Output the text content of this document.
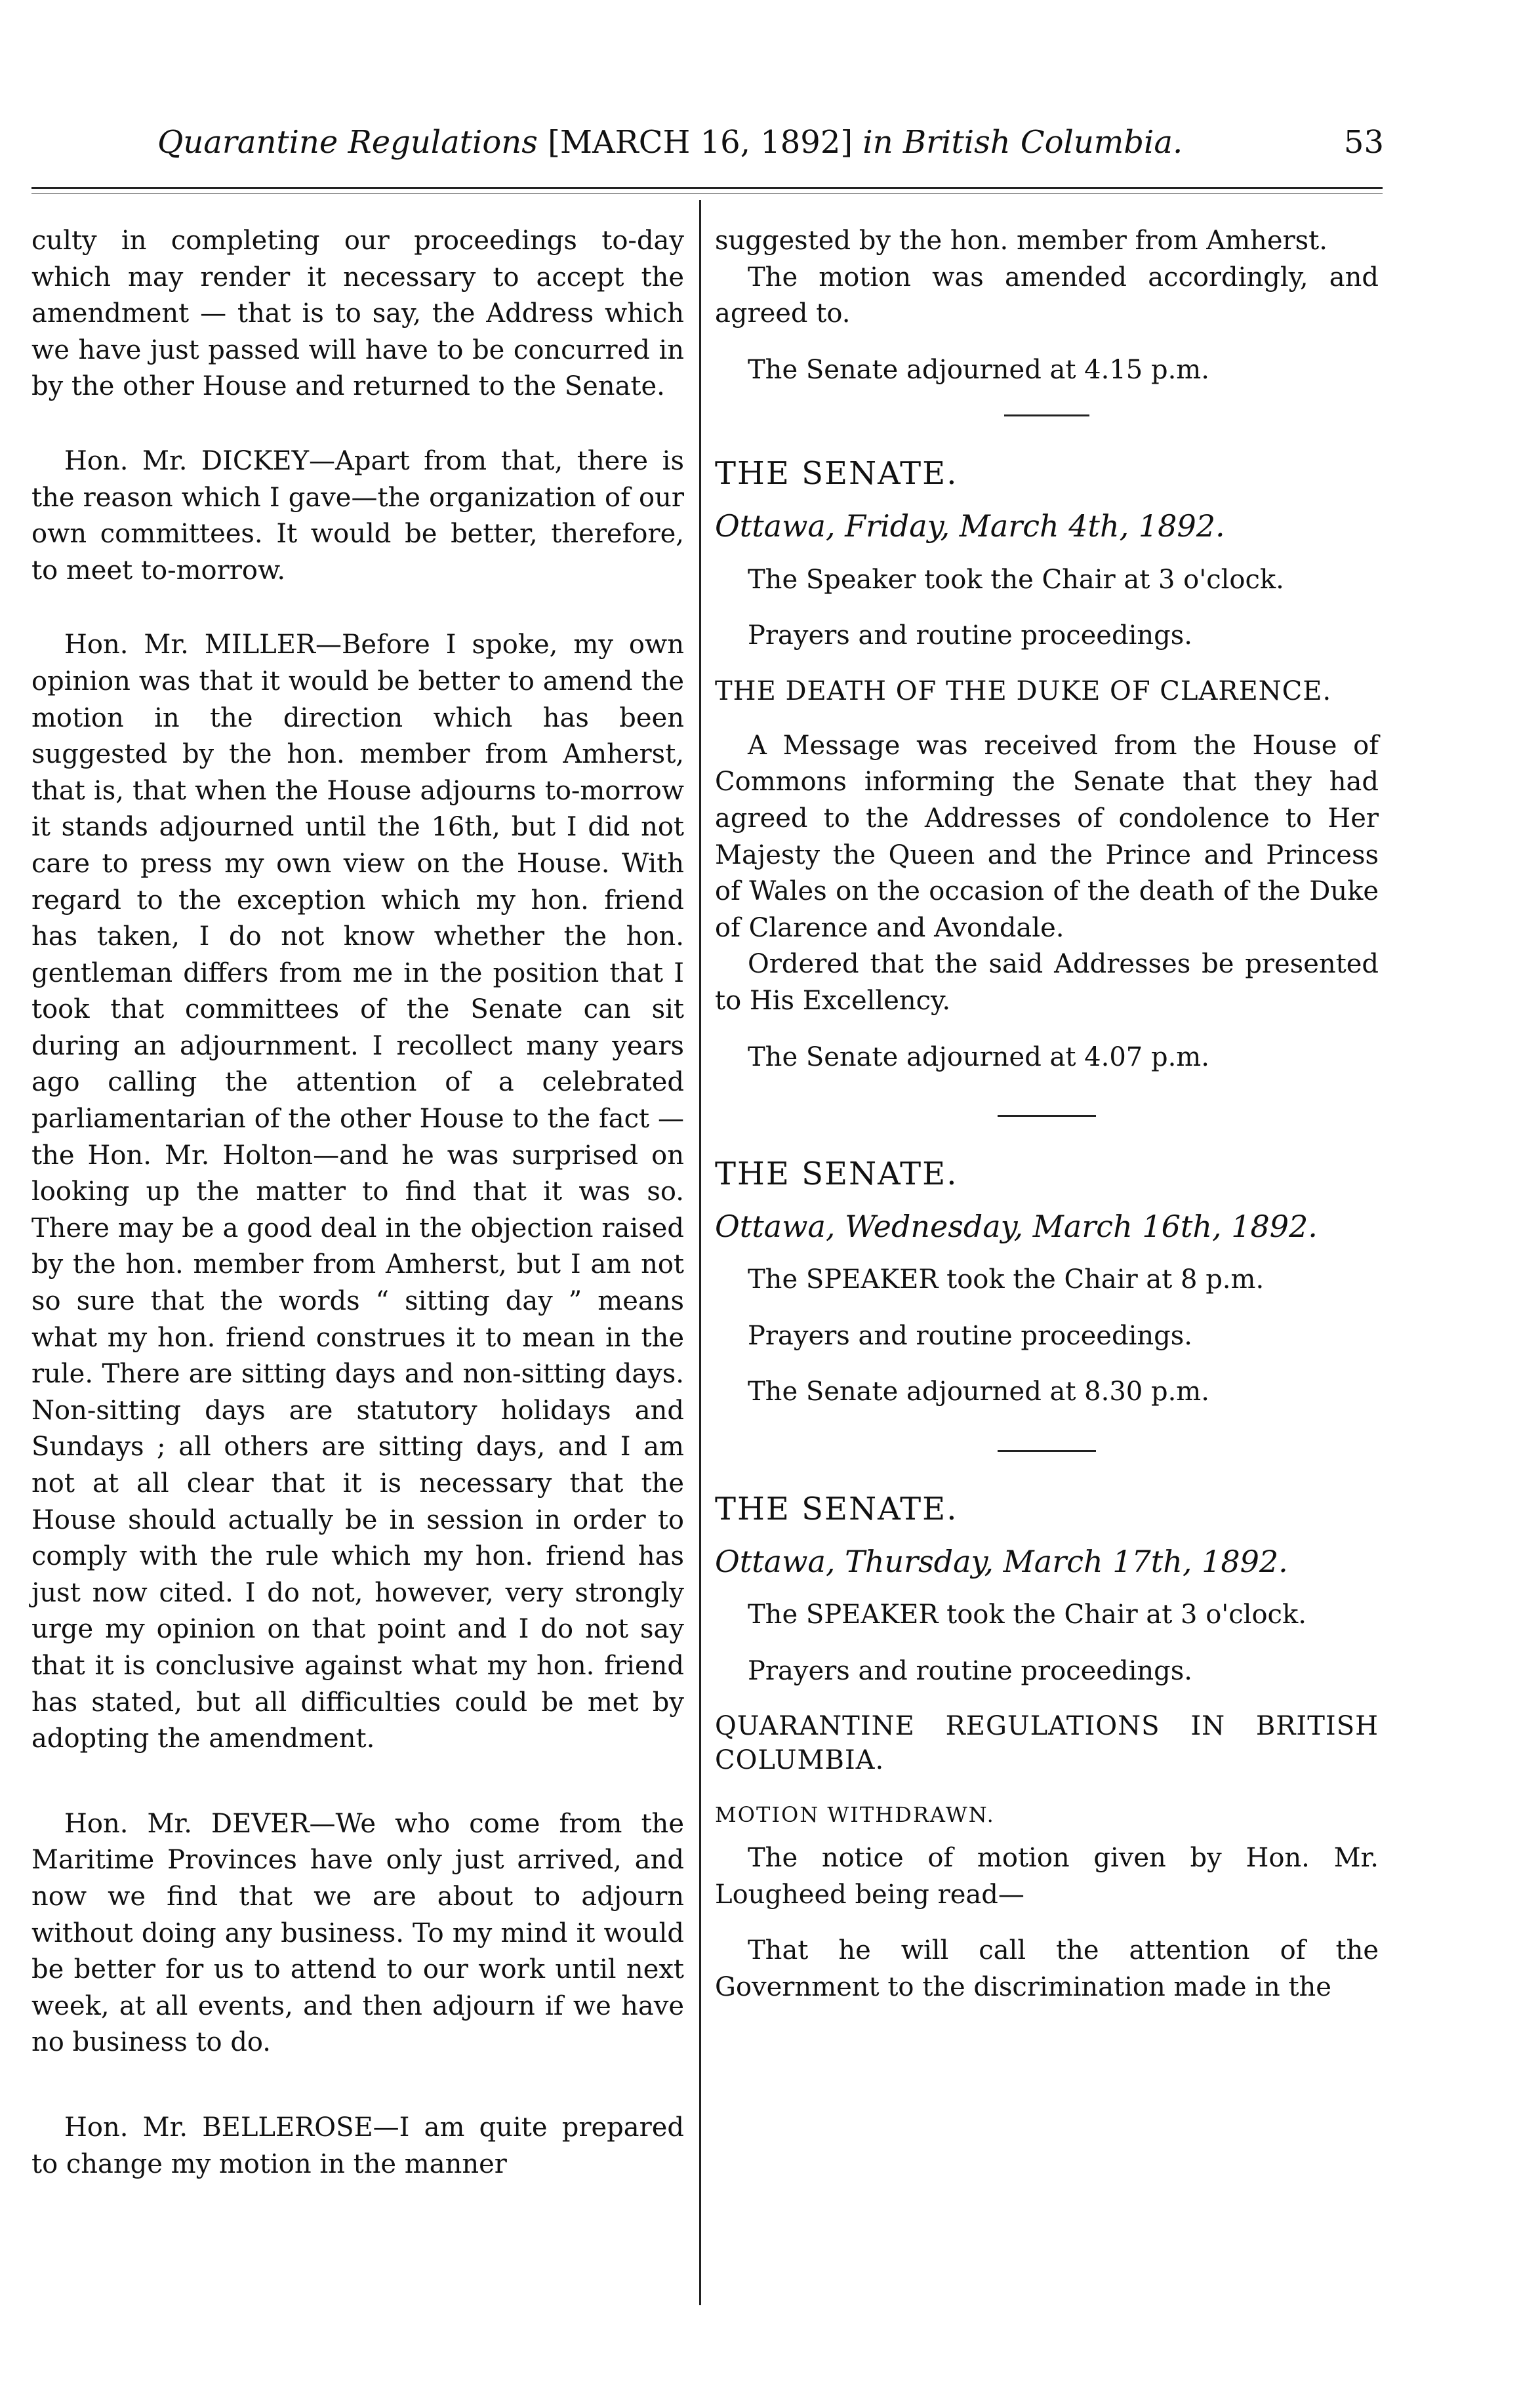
Quarantine Regulations [MARCH 16, 1892] in British Columbia.	53

culty in completing our proceedings to-day which may render it necessary to accept the amendment — that is to say, the Address which we have just passed will have to be concurred in by the other House and returned to the Senate.

Hon. Mr. DICKEY—Apart from that, there is the reason which I gave—the organization of our own committees. It would be better, therefore, to meet to-morrow.

Hon. Mr. MILLER—Before I spoke, my own opinion was that it would be better to amend the motion in the direction which has been suggested by the hon. member from Amherst, that is, that when the House adjourns to-morrow it stands adjourned until the 16th, but I did not care to press my own view on the House. With regard to the exception which my hon. friend has taken, I do not know whether the hon. gentleman differs from me in the position that I took that committees of the Senate can sit during an adjournment. I recollect many years ago calling the attention of a celebrated parliamentarian of the other House to the fact —the Hon. Mr. Holton—and he was surprised on looking up the matter to find that it was so. There may be a good deal in the objection raised by the hon. member from Amherst, but I am not so sure that the words “ sitting day ” means what my hon. friend construes it to mean in the rule. There are sitting days and non-sitting days. Non-sitting days are statutory holidays and Sundays ; all others are sitting days, and I am not at all clear that it is necessary that the House should actually be in session in order to comply with the rule which my hon. friend has just now cited. I do not, however, very strongly urge my opinion on that point and I do not say that it is conclusive against what my hon. friend has stated, but all difficulties could be met by adopting the amendment.

Hon. Mr. DEVER—We who come from the Maritime Provinces have only just arrived, and now we find that we are about to adjourn without doing any business. To my mind it would be better for us to attend to our work until next week, at all events, and then adjourn if we have no business to do.

Hon. Mr. BELLEROSE—I am quite prepared to change my motion in the manner

suggested by the hon. member from Amherst.

The motion was amended accordingly, and agreed to.

The Senate adjourned at 4.15 p.m.

THE SENATE.

Ottawa, Friday, March 4th, 1892.

The Speaker took the Chair at 3 o'clock.

Prayers and routine proceedings.

THE DEATH OF THE DUKE OF CLARENCE.

A Message was received from the House of Commons informing the Senate that they had agreed to the Addresses of condolence to Her Majesty the Queen and the Prince and Princess of Wales on the occasion of the death of the Duke of Clarence and Avondale.

Ordered that the said Addresses be presented to His Excellency.

The Senate adjourned at 4.07 p.m.

THE SENATE.

Ottawa, Wednesday, March 16th, 1892.

The SPEAKER took the Chair at 8 p.m.

Prayers and routine proceedings.

The Senate adjourned at 8.30 p.m.

THE SENATE.

Ottawa, Thursday, March 17th, 1892.

The SPEAKER took the Chair at 3 o'clock.

Prayers and routine proceedings.

QUARANTINE REGULATIONS IN BRITISH COLUMBIA.

MOTION WITHDRAWN.

The notice of motion given by Hon. Mr. Lougheed being read—

That he will call the attention of the Government to the discrimination made in the
